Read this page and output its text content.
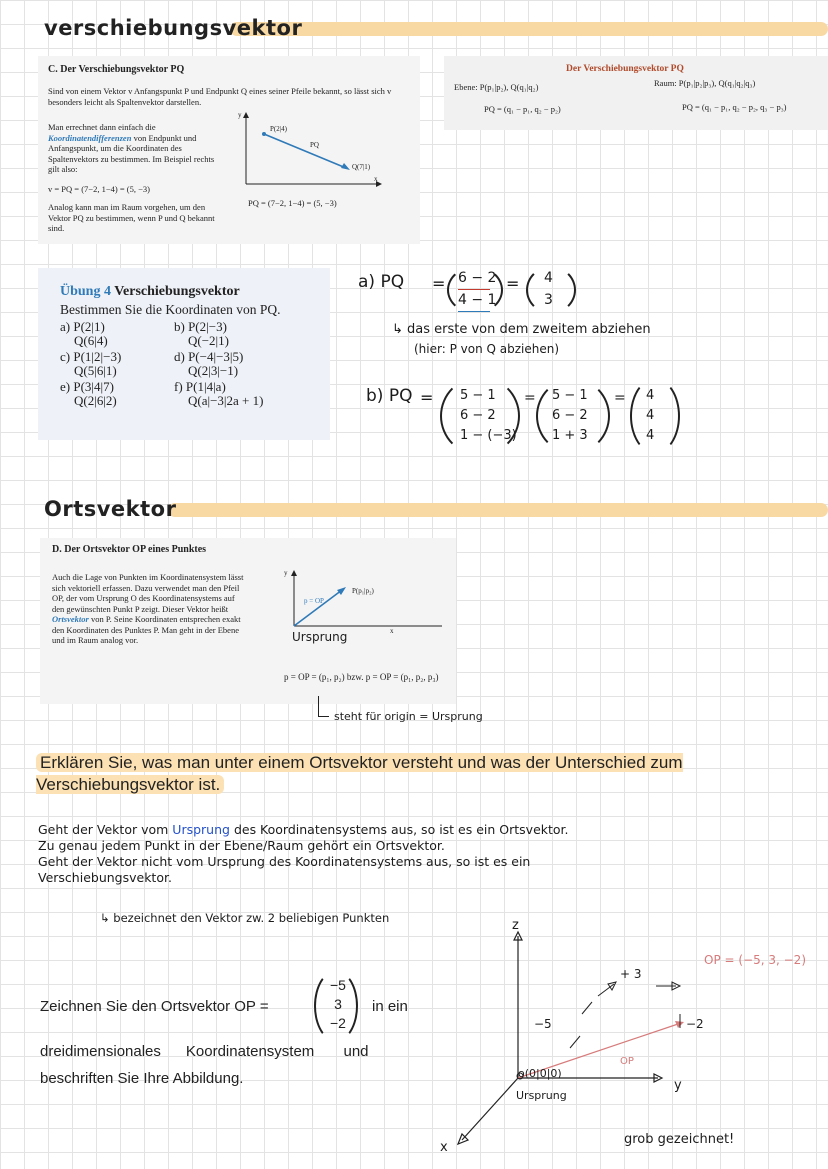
verschiebungsvektor

C. Der Verschiebungsvektor PQ

Sind von einem Vektor v Anfangspunkt P und Endpunkt Q eines seiner Pfeile bekannt, so lässt sich v besonders leicht als Spaltenvektor darstellen.

Man errechnet dann einfach die Koordinatendifferenzen von Endpunkt und Anfangspunkt, um die Koordinaten des Spaltenvektors zu bestimmen. Im Beispiel rechts gilt also:

v = PQ = (7−2, 1−4) = (5, −3)

Analog kann man im Raum vorgehen, um den Vektor PQ zu bestimmen, wenn P und Q bekannt sind.

P(2|4)
Q(7|1)
PQ
y
x

PQ = (7−2, 1−4) = (5, −3)

Der Verschiebungsvektor PQ

Ebene: P(p₁|p₂), Q(q₁|q₂)

PQ = (q₁ − p₁, q₂ − p₂)

Raum: P(p₁|p₂|p₃), Q(q₁|q₂|q₃)

PQ = (q₁ − p₁, q₂ − p₂, q₃ − p₃)

Übung 4 Verschiebungsvektor

Bestimmen Sie die Koordinaten von PQ.

a) P(2|1)
Q(6|4)
b) P(2|−3)
Q(−2|1)
c) P(1|2|−3)
Q(5|6|1)
d) P(−4|−3|5)
Q(2|3|−1)
e) P(3|4|7)
Q(2|6|2)
f) P(1|4|a)
Q(a|−3|2a + 1)
a) PQ = 6 − 2
4 − 1
= 4
3
↳ das erste von dem zweitem abziehen
(hier: P von Q abziehen)
b) PQ = 5 − 1
6 − 2
1 − (−3)
= 5 − 1
6 − 2
1 + 3
= 4
4
4
Ortsvektor

D. Der Ortsvektor OP eines Punktes

Auch die Lage von Punkten im Koordinatensystem lässt sich vektoriell erfassen. Dazu verwendet man den Pfeil OP, der vom Ursprung O des Koordinatensystems auf den gewünschten Punkt P zeigt. Dieser Vektor heißt Ortsvektor von P. Seine Koordinaten entsprechen exakt den Koordinaten des Punktes P. Man geht in der Ebene und im Raum analog vor.

y
x
P(p₁|p₂)
p = OP

p = OP = (p₁, p₂) bzw. p = OP = (p₁, p₂, p₃)

Ursprung
steht für origin = Ursprung
Erklären Sie, was man unter einem Ortsvektor versteht und was der Unterschied zum Verschiebungsvektor ist.
Geht der Vektor vom Ursprung des Koordinatensystems aus, so ist es ein Ortsvektor.
Zu genau jedem Punkt in der Ebene/Raum gehört ein Ortsvektor.
Geht der Vektor nicht vom Ursprung des Koordinatensystems aus, so ist es ein
Verschiebungsvektor.
↳ bezeichnet den Vektor zw. 2 beliebigen Punkten
Zeichnen Sie den Ortsvektor OP =
−5
3
−2
in ein
dreidimensionales      Koordinatensystem       und
beschriften Sie Ihre Abbildung.
z
x
y
o(0|0|0)
Ursprung
−5
+ 3
−2
OP
OP = (−5, 3, −2)
grob gezeichnet!
